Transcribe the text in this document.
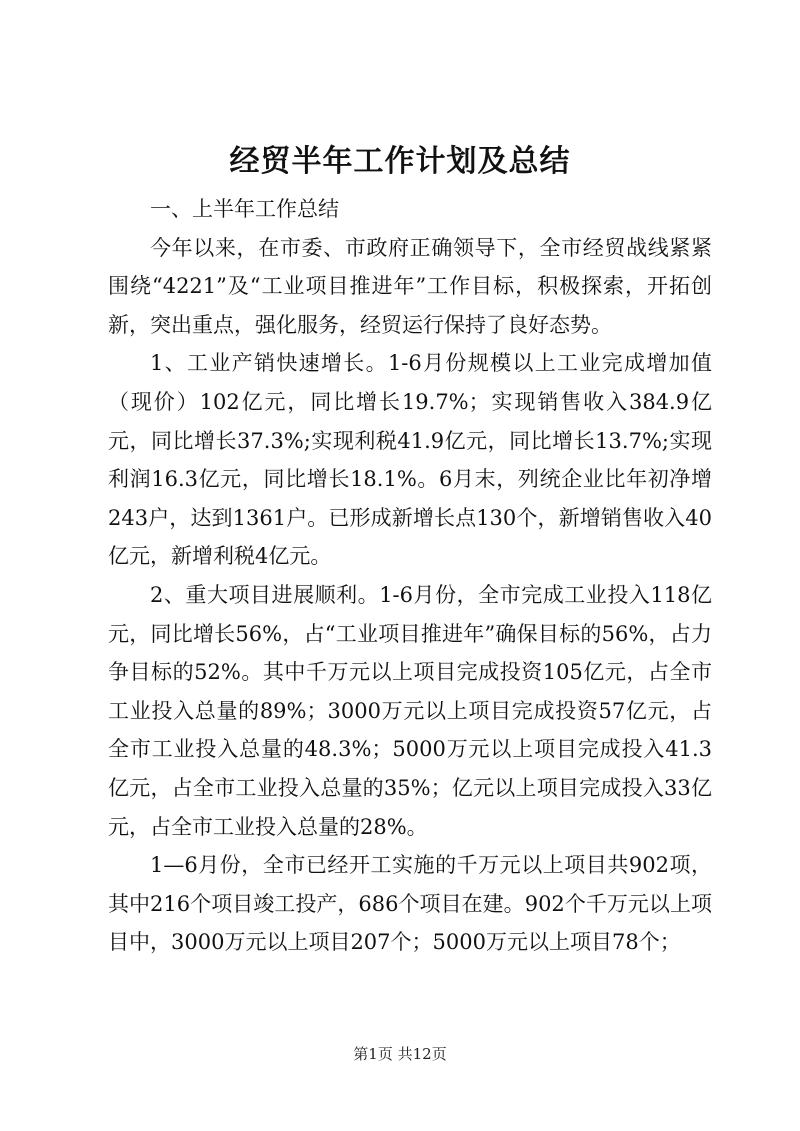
经贸半年工作计划及总结

一、上半年工作总结

今年以来，在市委、市政府正确领导下，全市经贸战线紧紧围绕“4221”及“工业项目推进年”工作目标，积极探索，开拓创新，突出重点，强化服务，经贸运行保持了良好态势。

1、工业产销快速增长。1-6月份规模以上工业完成增加值（现价）102亿元，同比增长19.7%；实现销售收入384.9亿元，同比增长37.3%;实现利税41.9亿元，同比增长13.7%;实现利润16.3亿元，同比增长18.1%。6月末，列统企业比年初净增243户，达到1361户。已形成新增长点130个，新增销售收入40亿元，新增利税4亿元。

2、重大项目进展顺利。1-6月份，全市完成工业投入118亿元，同比增长56%，占“工业项目推进年”确保目标的56%，占力争目标的52%。其中千万元以上项目完成投资105亿元，占全市工业投入总量的89%；3000万元以上项目完成投资57亿元，占全市工业投入总量的48.3%；5000万元以上项目完成投入41.3亿元，占全市工业投入总量的35%；亿元以上项目完成投入33亿元，占全市工业投入总量的28%。

1—6月份，全市已经开工实施的千万元以上项目共902项，其中216个项目竣工投产，686个项目在建。902个千万元以上项目中，3000万元以上项目207个；5000万元以上项目78个；

第1页 共12页
